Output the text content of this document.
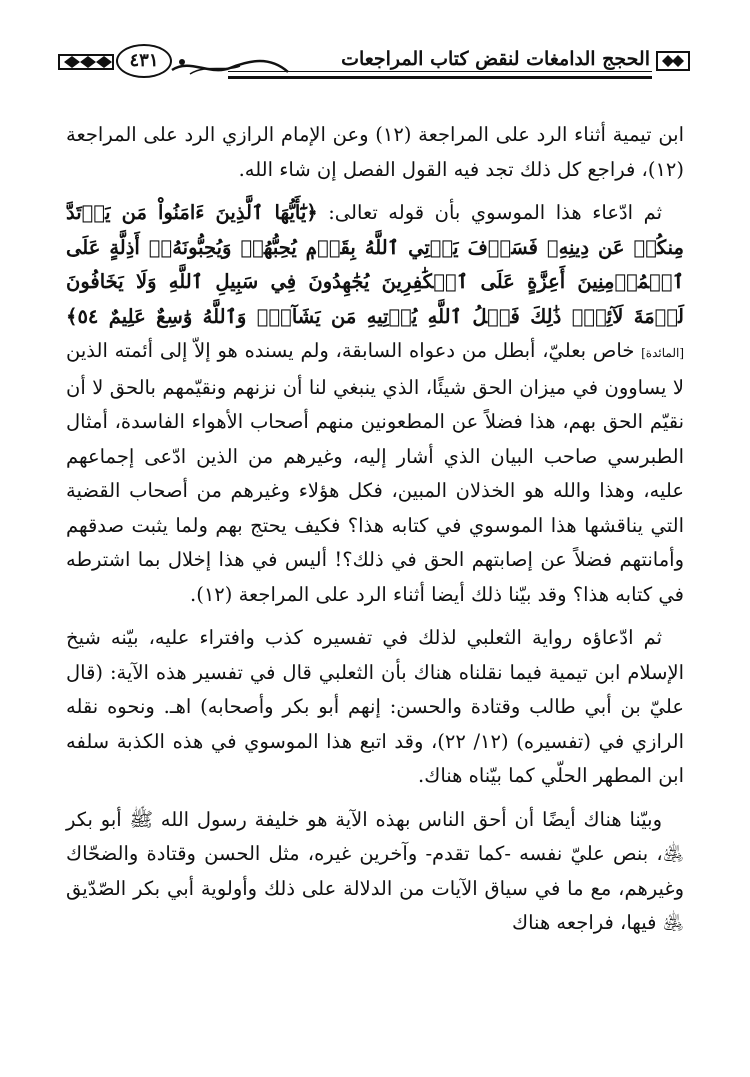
٤٣١	الحجج الدامغات لنقض كتاب المراجعات

ابن تيمية أثناء الرد على المراجعة (١٢) وعن الإمام الرازي الرد على المراجعة (١٢)، فراجع كل ذلك تجد فيه القول الفصل إن شاء الله.

ثم ادّعاء هذا الموسوي بأن قوله تعالى: ﴿يَٰٓأَيُّهَا ٱلَّذِينَ ءَامَنُواْ مَن يَرۡتَدَّ مِنكُمۡ عَن دِينِهِۦ فَسَوۡفَ يَأۡتِي ٱللَّهُ بِقَوۡمٖ يُحِبُّهُمۡ وَيُحِبُّونَهُۥٓ أَذِلَّةٍ عَلَى ٱلۡمُؤۡمِنِينَ أَعِزَّةٍ عَلَى ٱلۡكَٰفِرِينَ يُجَٰهِدُونَ فِي سَبِيلِ ٱللَّهِ وَلَا يَخَافُونَ لَوۡمَةَ لَآئِمٖۚ ذَٰلِكَ فَضۡلُ ٱللَّهِ يُؤۡتِيهِ مَن يَشَآءُۚ وَٱللَّهُ وَٰسِعٌ عَلِيمٌ ٥٤﴾[المائدة] خاص بعليّ، أبطل من دعواه السابقة، ولم يسنده هو إلاّ إلى أئمته الذين لا يساوون في ميزان الحق شيئًا، الذي ينبغي لنا أن نزنهم ونقيّمهم بالحق لا أن نقيّم الحق بهم، هذا فضلاً عن المطعونين منهم أصحاب الأهواء الفاسدة، أمثال الطبرسي صاحب البيان الذي أشار إليه، وغيرهم من الذين ادّعى إجماعهم عليه، وهذا والله هو الخذلان المبين، فكل هؤلاء وغيرهم من أصحاب القضية التي يناقشها هذا الموسوي في كتابه هذا؟ فكيف يحتج بهم ولما يثبت صدقهم وأمانتهم فضلاً عن إصابتهم الحق في ذلك؟! أليس في هذا إخلال بما اشترطه في كتابه هذا؟ وقد بيّنا ذلك أيضا أثناء الرد على المراجعة (١٢).

ثم ادّعاؤه رواية الثعلبي لذلك في تفسيره كذب وافتراء عليه، بيّنه شيخ الإسلام ابن تيمية فيما نقلناه هناك بأن الثعلبي قال في تفسير هذه الآية: (قال عليّ بن أبي طالب وقتادة والحسن: إنهم أبو بكر وأصحابه) اهـ. ونحوه نقله الرازي في (تفسيره) (١٢/ ٢٢)، وقد اتبع هذا الموسوي في هذه الكذبة سلفه ابن المطهر الحلّي كما بيّناه هناك.

وبيّنا هناك أيضًا أن أحق الناس بهذه الآية هو خليفة رسول الله ﷺ أبو بكر ﵁، بنص عليّ نفسه -كما تقدم- وآخرين غيره، مثل الحسن وقتادة والضحّاك وغيرهم، مع ما في سياق الآيات من الدلالة على ذلك وأولوية أبي بكر الصّدّيق ﵁ فيها، فراجعه هناك
